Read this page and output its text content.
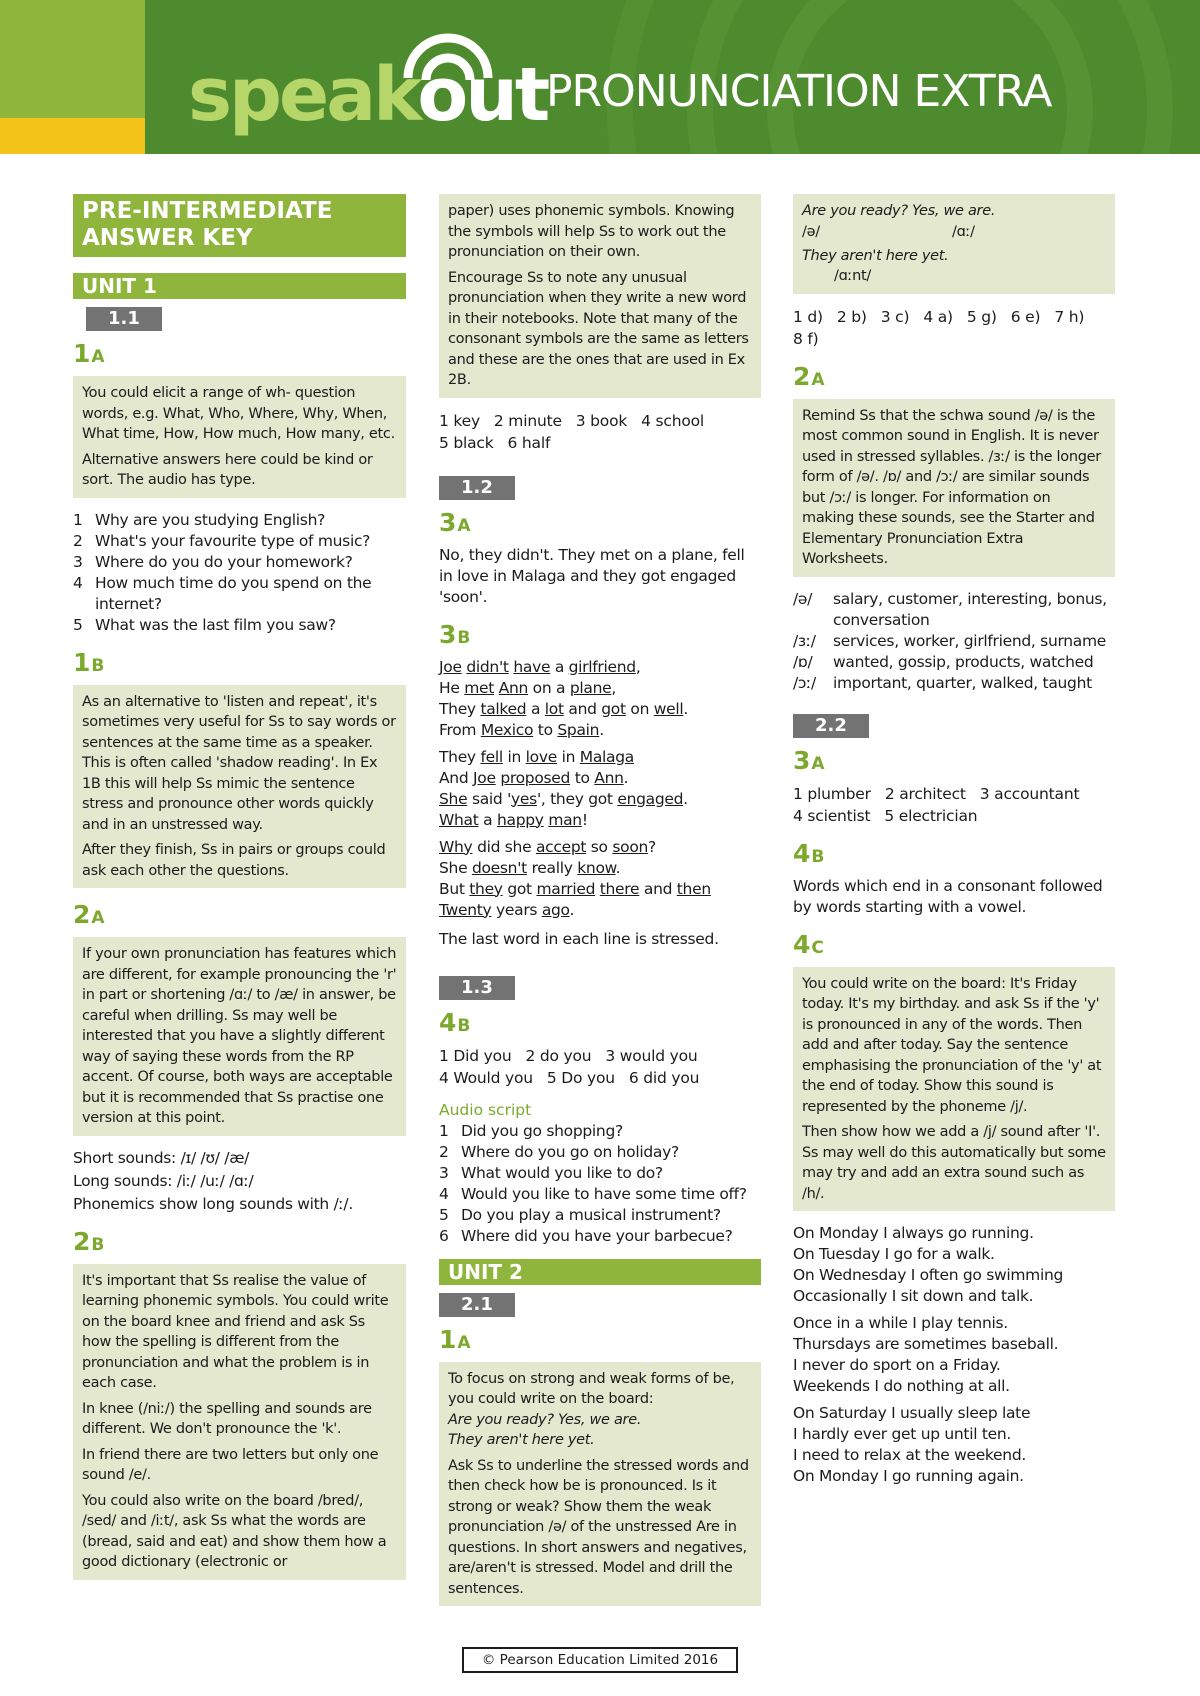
speakout
PRONUNCIATION EXTRA
PRE-INTERMEDIATE
ANSWER KEY
UNIT 1
1.1
1A

You could elicit a range of wh- question words, e.g. What, Who, Where, Why, When, What time, How, How much, How many, etc.

Alternative answers here could be kind or sort. The audio has type.

1 Why are you studying English?
2 What's your favourite type of music?
3 Where do you do your homework?
4 How much time do you spend on the internet?
5 What was the last film you saw?
1B

As an alternative to 'listen and repeat', it's sometimes very useful for Ss to say words or sentences at the same time as a speaker. This is often called 'shadow reading'. In Ex 1B this will help Ss mimic the sentence stress and pronounce other words quickly and in an unstressed way.

After they finish, Ss in pairs or groups could ask each other the questions.

2A

If your own pronunciation has features which are different, for example pronouncing the 'r' in part or shortening /ɑː/ to /æ/ in answer, be careful when drilling. Ss may well be interested that you have a slightly different way of saying these words from the RP accent. Of course, both ways are acceptable but it is recommended that Ss practise one version at this point.

Short sounds: /ɪ/ /ʊ/ /æ/

Long sounds: /iː/ /uː/ /ɑː/

Phonemics show long sounds with /ː/.

2B

It's important that Ss realise the value of learning phonemic symbols. You could write on the board knee and friend and ask Ss how the spelling is different from the pronunciation and what the problem is in each case.

In knee (/niː/) the spelling and sounds are different. We don't pronounce the 'k'.

In friend there are two letters but only one sound /e/.

You could also write on the board /bred/, /sed/ and /iːt/, ask Ss what the words are (bread, said and eat) and show them how a good dictionary (electronic or

paper) uses phonemic symbols. Knowing the symbols will help Ss to work out the pronunciation on their own.

Encourage Ss to note any unusual pronunciation when they write a new word in their notebooks. Note that many of the consonant symbols are the same as letters and these are the ones that are used in Ex 2B.

1 key 2 minute 3 book 4 school
5 black 6 half
1.2
3A

No, they didn't. They met on a plane, fell in love in Malaga and they got engaged 'soon'.

3B
Joe didn't have a girlfriend,
He met Ann on a plane,
They talked a lot and got on well.
From Mexico to Spain.
They fell in love in Malaga
And Joe proposed to Ann.
She said 'yes', they got engaged.
What a happy man!
Why did she accept so soon?
She doesn't really know.
But they got married there and then
Twenty years ago.

The last word in each line is stressed.

1.3
4B
1 Did you 2 do you 3 would you
4 Would you 5 Do you 6 did you
Audio script
1 Did you go shopping?
2 Where do you go on holiday?
3 What would you like to do?
4 Would you like to have some time off?
5 Do you play a musical instrument?
6 Where did you have your barbecue?
UNIT 2
2.1
1A

To focus on strong and weak forms of be, you could write on the board:
Are you ready? Yes, we are.
They aren't here yet.

Ask Ss to underline the stressed words and then check how be is pronounced. Is it strong or weak? Show them the weak pronunciation /ə/ of the unstressed Are in questions. In short answers and negatives, are/aren't is stressed. Model and drill the sentences.

Are you ready? Yes, we are.

/ə/	/ɑː/

They aren't here yet.

/ɑːnt/

1 d) 2 b) 3 c) 4 a) 5 g) 6 e) 7 h)
8 f)
2A

Remind Ss that the schwa sound /ə/ is the most common sound in English. It is never used in stressed syllables. /ɜː/ is the longer form of /ə/. /ɒ/ and /ɔː/ are similar sounds but /ɔː/ is longer. For information on making these sounds, see the Starter and Elementary Pronunciation Extra Worksheets.

/ə/	salary, customer, interesting, bonus, conversation
/ɜː/	services, worker, girlfriend, surname
/ɒ/	wanted, gossip, products, watched
/ɔː/	important, quarter, walked, taught
2.2
3A
1 plumber 2 architect 3 accountant
4 scientist 5 electrician
4B

Words which end in a consonant followed by words starting with a vowel.

4C

You could write on the board: It's Friday today. It's my birthday. and ask Ss if the 'y' is pronounced in any of the words. Then add and after today. Say the sentence emphasising the pronunciation of the 'y' at the end of today. Show this sound is represented by the phoneme /j/.

Then show how we add a /j/ sound after 'I'. Ss may well do this automatically but some may try and add an extra sound such as /h/.

On Monday I always go running.
On Tuesday I go for a walk.
On Wednesday I often go swimming
Occasionally I sit down and talk.
Once in a while I play tennis.
Thursdays are sometimes baseball.
I never do sport on a Friday.
Weekends I do nothing at all.
On Saturday I usually sleep late
I hardly ever get up until ten.
I need to relax at the weekend.
On Monday I go running again.
© Pearson Education Limited 2016
